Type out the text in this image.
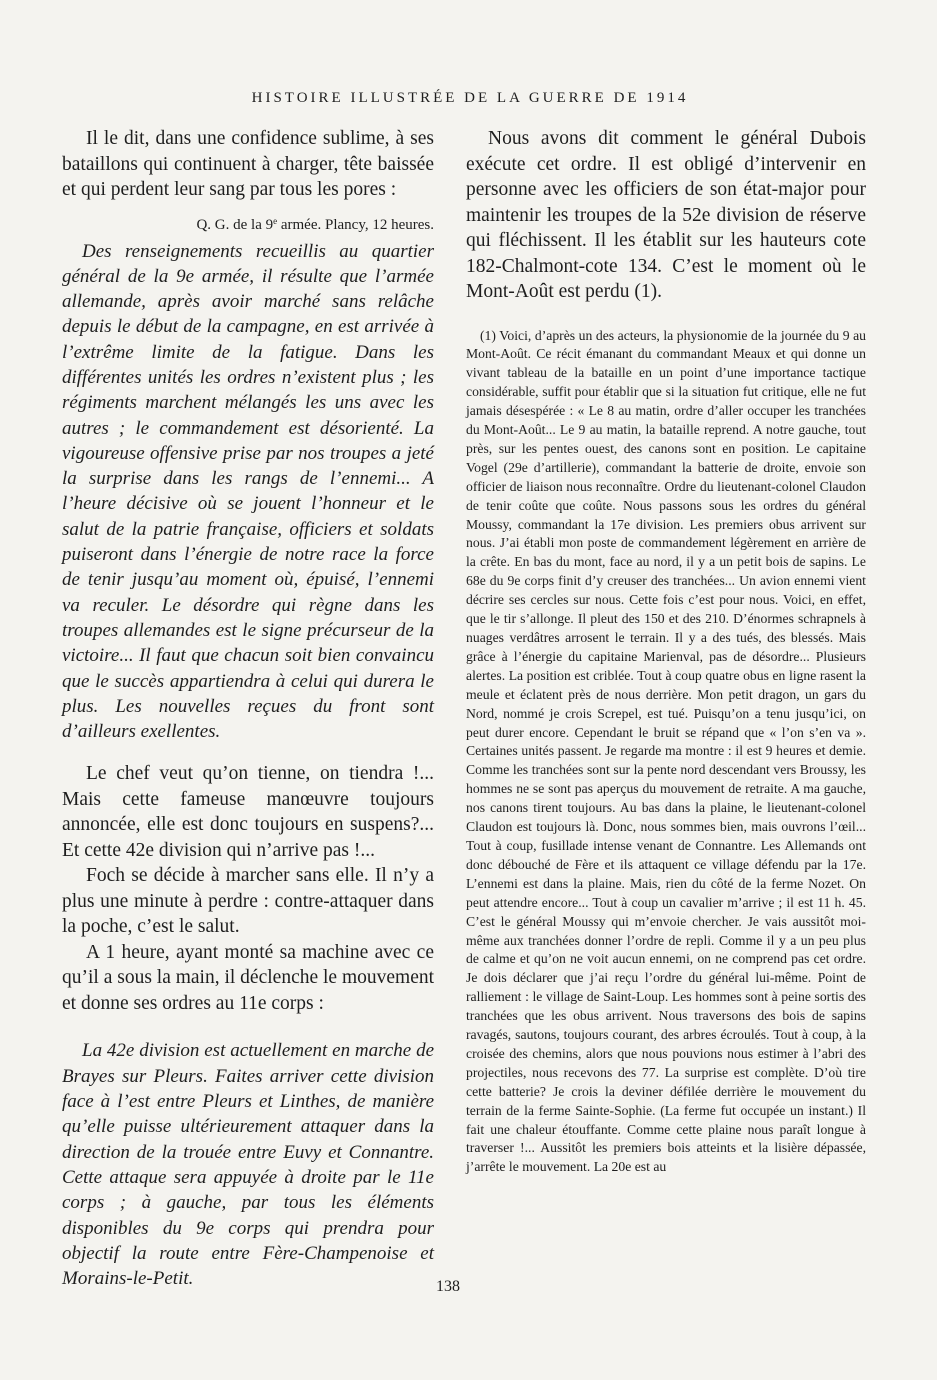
HISTOIRE ILLUSTRÉE DE LA GUERRE DE 1914

Il le dit, dans une confidence sublime, à ses bataillons qui continuent à charger, tête baissée et qui perdent leur sang par tous les pores :

Q. G. de la 9e armée. Plancy, 12 heures.

Des renseignements recueillis au quartier général de la 9e armée, il résulte que l’armée allemande, après avoir marché sans relâche depuis le début de la campagne, en est arrivée à l’extrême limite de la fatigue. Dans les différentes unités les ordres n’existent plus ; les régiments marchent mélangés les uns avec les autres ; le commandement est désorienté. La vigoureuse offensive prise par nos troupes a jeté la surprise dans les rangs de l’ennemi... A l’heure décisive où se jouent l’honneur et le salut de la patrie française, officiers et soldats puiseront dans l’énergie de notre race la force de tenir jusqu’au moment où, épuisé, l’ennemi va reculer. Le désordre qui règne dans les troupes allemandes est le signe précurseur de la victoire... Il faut que chacun soit bien convaincu que le succès appartiendra à celui qui durera le plus. Les nouvelles reçues du front sont d’ailleurs exellentes.

Le chef veut qu’on tienne, on tiendra !... Mais cette fameuse manœuvre toujours annoncée, elle est donc toujours en suspens?... Et cette 42e division qui n’arrive pas !...

Foch se décide à marcher sans elle. Il n’y a plus une minute à perdre : contre-attaquer dans la poche, c’est le salut.

A 1 heure, ayant monté sa machine avec ce qu’il a sous la main, il déclenche le mouvement et donne ses ordres au 11e corps :

La 42e division est actuellement en marche de Brayes sur Pleurs. Faites arriver cette division face à l’est entre Pleurs et Linthes, de manière qu’elle puisse ultérieurement attaquer dans la direction de la trouée entre Euvy et Connantre. Cette attaque sera appuyée à droite par le 11e corps ; à gauche, par tous les éléments disponibles du 9e corps qui prendra pour objectif la route entre Fère-Champenoise et Morains-le-Petit.

Nous avons dit comment le général Dubois exécute cet ordre. Il est obligé d’intervenir en personne avec les officiers de son état-major pour maintenir les troupes de la 52e division de réserve qui fléchissent. Il les établit sur les hauteurs cote 182-Chalmont-cote 134. C’est le moment où le Mont-Août est perdu (1).

(1) Voici, d’après un des acteurs, la physionomie de la journée du 9 au Mont-Août. Ce récit émanant du commandant Meaux et qui donne un vivant tableau de la bataille en un point d’une importance tactique considérable, suffit pour établir que si la situation fut critique, elle ne fut jamais désespérée : « Le 8 au matin, ordre d’aller occuper les tranchées du Mont-Août... Le 9 au matin, la bataille reprend. A notre gauche, tout près, sur les pentes ouest, des canons sont en position. Le capitaine Vogel (29e d’artillerie), commandant la batterie de droite, envoie son officier de liaison nous reconnaître. Ordre du lieutenant-colonel Claudon de tenir coûte que coûte. Nous passons sous les ordres du général Moussy, commandant la 17e division. Les premiers obus arrivent sur nous. J’ai établi mon poste de commandement légèrement en arrière de la crête. En bas du mont, face au nord, il y a un petit bois de sapins. Le 68e du 9e corps finit d’y creuser des tranchées... Un avion ennemi vient décrire ses cercles sur nous. Cette fois c’est pour nous. Voici, en effet, que le tir s’allonge. Il pleut des 150 et des 210. D’énormes schrapnels à nuages verdâtres arrosent le terrain. Il y a des tués, des blessés. Mais grâce à l’énergie du capitaine Marienval, pas de désordre... Plusieurs alertes. La position est criblée. Tout à coup quatre obus en ligne rasent la meule et éclatent près de nous derrière. Mon petit dragon, un gars du Nord, nommé je crois Screpel, est tué. Puisqu’on a tenu jusqu’ici, on peut durer encore. Cependant le bruit se répand que « l’on s’en va ». Certaines unités passent. Je regarde ma montre : il est 9 heures et demie. Comme les tranchées sont sur la pente nord descendant vers Broussy, les hommes ne se sont pas aperçus du mouvement de retraite. A ma gauche, nos canons tirent toujours. Au bas dans la plaine, le lieutenant-colonel Claudon est toujours là. Donc, nous sommes bien, mais ouvrons l’œil... Tout à coup, fusillade intense venant de Connantre. Les Allemands ont donc débouché de Fère et ils attaquent ce village défendu par la 17e. L’ennemi est dans la plaine. Mais, rien du côté de la ferme Nozet. On peut attendre encore... Tout à coup un cavalier m’arrive ; il est 11 h. 45. C’est le général Moussy qui m’envoie chercher. Je vais aussitôt moi-même aux tranchées donner l’ordre de repli. Comme il y a un peu plus de calme et qu’on ne voit aucun ennemi, on ne comprend pas cet ordre. Je dois déclarer que j’ai reçu l’ordre du général lui-même. Point de ralliement : le village de Saint-Loup. Les hommes sont à peine sortis des tranchées que les obus arrivent. Nous traversons des bois de sapins ravagés, sautons, toujours courant, des arbres écroulés. Tout à coup, à la croisée des chemins, alors que nous pouvions nous estimer à l’abri des projectiles, nous recevons des 77. La surprise est complète. D’où tire cette batterie? Je crois la deviner défilée derrière le mouvement du terrain de la ferme Sainte-Sophie. (La ferme fut occupée un instant.) Il fait une chaleur étouffante. Comme cette plaine nous paraît longue à traverser !... Aussitôt les premiers bois atteints et la lisière dépassée, j’arrête le mouvement. La 20e est au

138
